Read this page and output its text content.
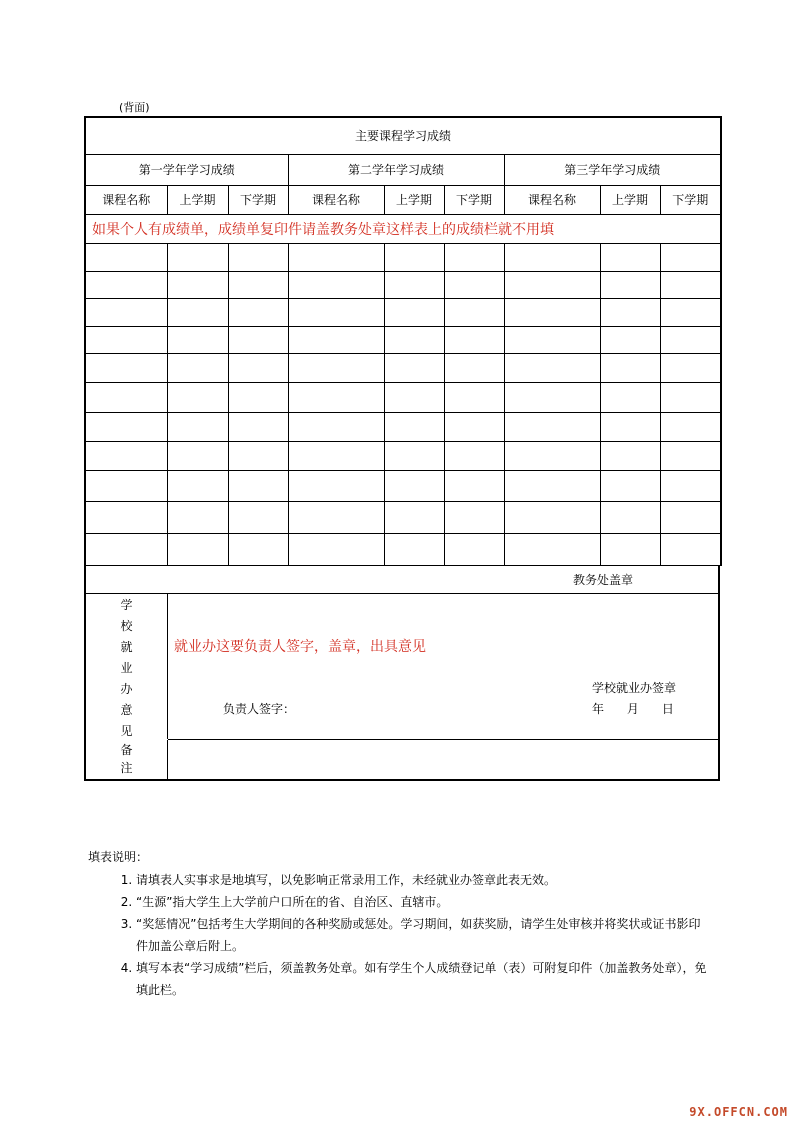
(背面)
主要课程学习成绩								
第一学年学习成绩			第二学年学习成绩			第三学年学习成绩		
课程名称	上学期	下学期	课程名称	上学期	下学期	课程名称	上学期	下学期
如果个人有成绩单，成绩单复印件请盖教务处章这样表上的成绩栏就不用填								

教务处盖章
学
校
就
业
办
意
见
就业办这要负责人签字，盖章，出具意见
负责人签字：
学校就业办签章
年 月 日
备
注
填表说明：
1. 请填表人实事求是地填写，以免影响正常录用工作，未经就业办签章此表无效。
2. “生源”指大学生上大学前户口所在的省、自治区、直辖市。
3. “奖惩情况”包括考生大学期间的各种奖励或惩处。学习期间，如获奖励，请学生处审核并将奖状或证书影印件加盖公章后附上。
4. 填写本表“学习成绩”栏后，须盖教务处章。如有学生个人成绩登记单（表）可附复印件（加盖教务处章），免填此栏。
9X.OFFCN.COM
